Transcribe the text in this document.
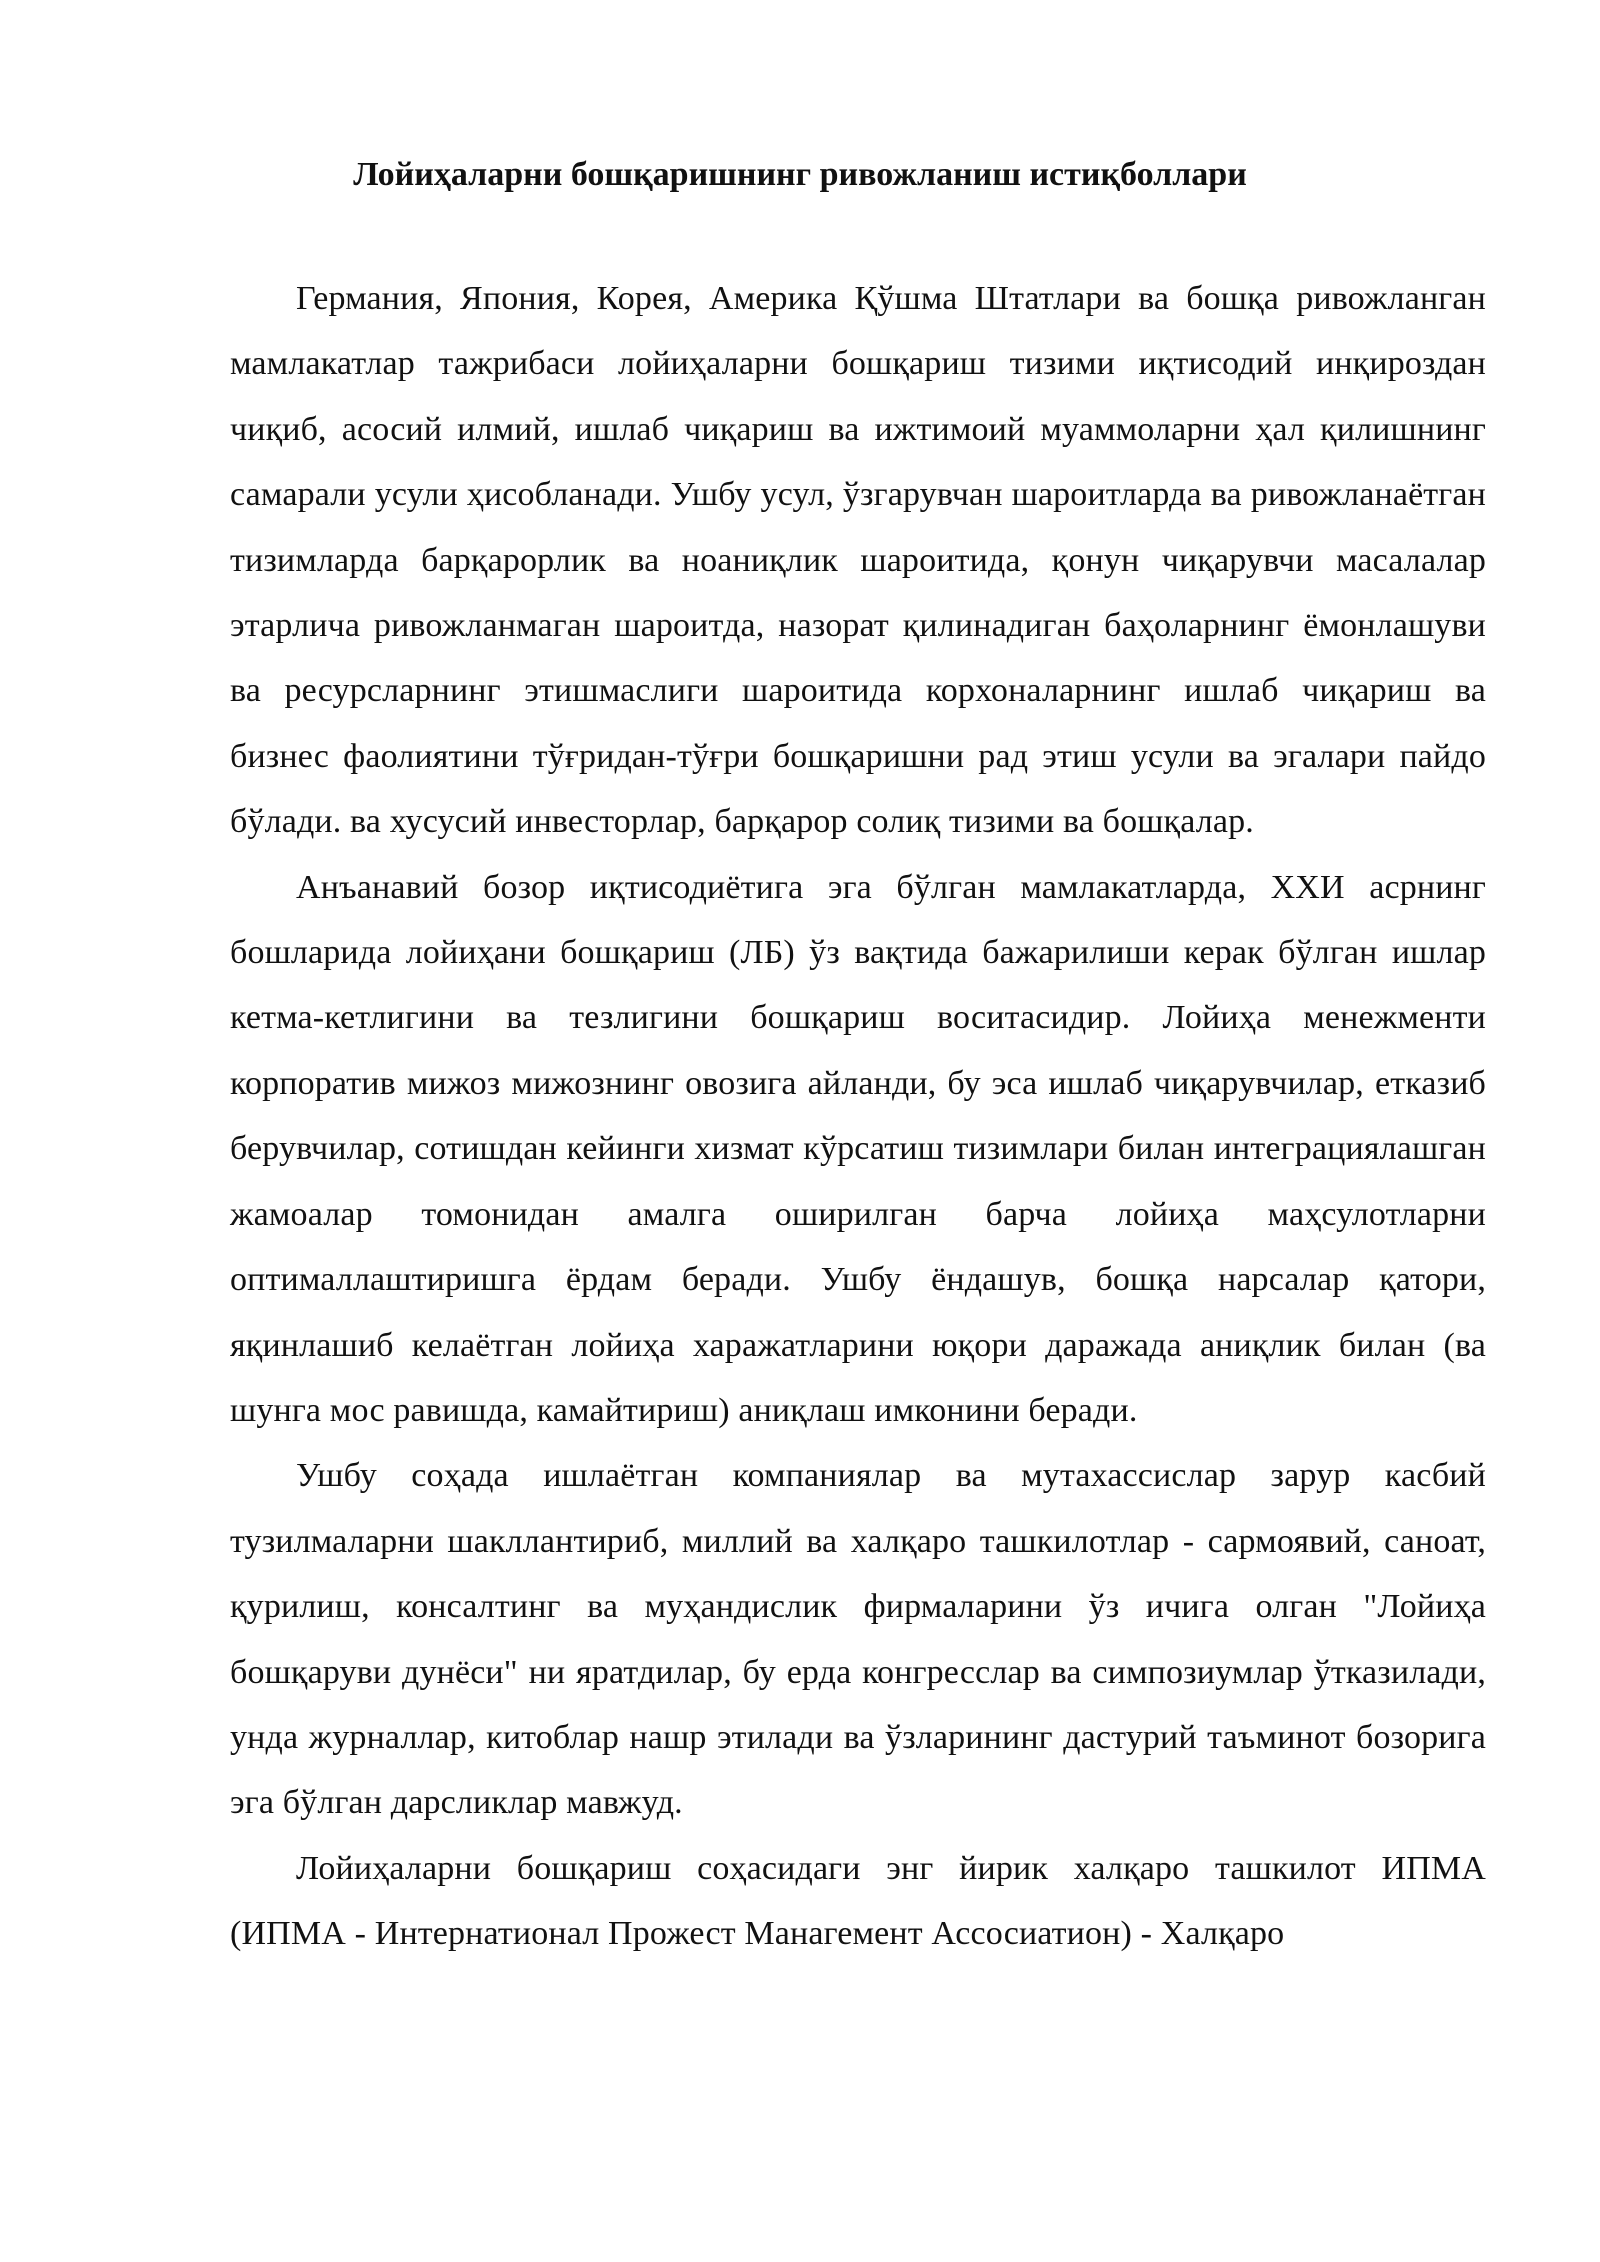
Лойиҳаларни бошқаришнинг ривожланиш истиқболлари

Германия, Япония, Корея, Америка Қўшма Штатлари ва бошқа ривожланган мамлакатлар тажрибаси лойиҳаларни бошқариш тизими иқтисодий инқироздан чиқиб, асосий илмий, ишлаб чиқариш ва ижтимоий муаммоларни ҳал қилишнинг самарали усули ҳисобланади. Ушбу усул, ўзгарувчан шароитларда ва ривожланаётган тизимларда барқарорлик ва ноаниқлик шароитида, қонун чиқарувчи масалалар этарлича ривожланмаган шароитда, назорат қилинадиган баҳоларнинг ёмонлашуви ва ресурсларнинг этишмаслиги шароитида корхоналарнинг ишлаб чиқариш ва бизнес фаолиятини тўғридан-тўғри бошқаришни рад этиш усули ва эгалари пайдо бўлади. ва хусусий инвесторлар, барқарор солиқ тизими ва бошқалар.

Анъанавий бозор иқтисодиётига эга бўлган мамлакатларда, XXИ асрнинг бошларида лойиҳани бошқариш (ЛБ) ўз вақтида бажарилиши керак бўлган ишлар кетма-кетлигини ва тезлигини бошқариш воситасидир. Лойиҳа менежменти корпоратив мижоз мижознинг овозига айланди, бу эса ишлаб чиқарувчилар, етказиб берувчилар, сотишдан кейинги хизмат кўрсатиш тизимлари билан интеграциялашган жамоалар томонидан амалга оширилган барча лойиҳа маҳсулотларни оптималлаштиришга ёрдам беради. Ушбу ёндашув, бошқа нарсалар қатори, яқинлашиб келаётган лойиҳа харажатларини юқори даражада аниқлик билан (ва шунга мос равишда, камайтириш) аниқлаш имконини беради.

Ушбу соҳада ишлаётган компаниялар ва мутахассислар зарур касбий тузилмаларни шакллантириб, миллий ва халқаро ташкилотлар - сармоявий, саноат, қурилиш, консалтинг ва муҳандислик фирмаларини ўз ичига олган "Лойиҳа бошқаруви дунёси" ни яратдилар, бу ерда конгресслар ва симпозиумлар ўтказилади, унда журналлар, китоблар нашр этилади ва ўзларининг дастурий таъминот бозорига эга бўлган дарсликлар мавжуд.

Лойиҳаларни бошқариш соҳасидаги энг йирик халқаро ташкилот ИПМА (ИПМА - Интернатионал Прожест Манагемент Ассосиатион) - Халқаро
